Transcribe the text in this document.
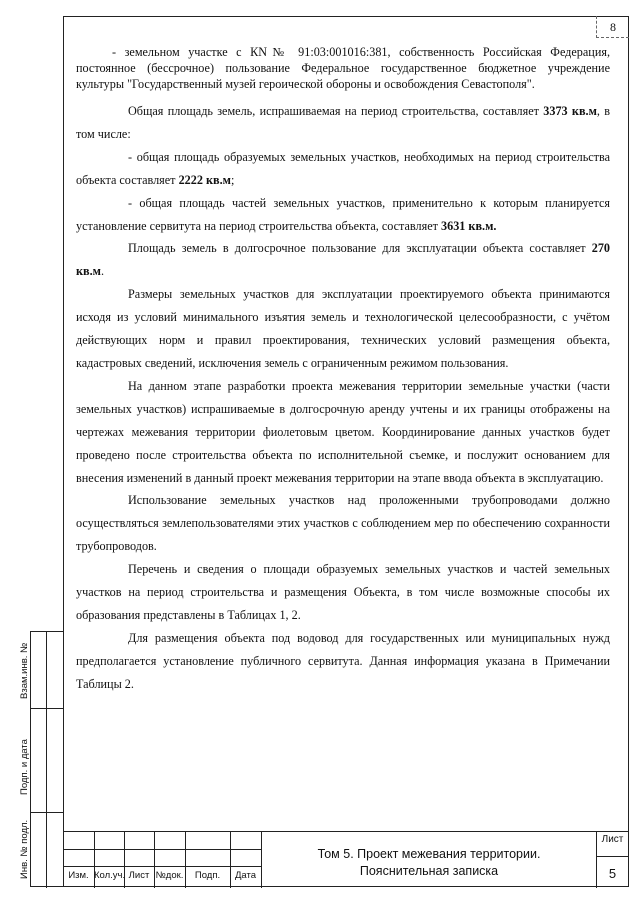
8

- земельном участке с КN№ 91:03:001016:381, собственность Российская Федерация, постоянное (бессрочное) пользование Федеральное государственное бюджетное учреждение культуры "Государственный музей героической обороны и освобождения Севастополя".

Общая площадь земель, испрашиваемая на период строительства, составляет 3373 кв.м, в том числе:

- общая площадь образуемых земельных участков, необходимых на период строительства объекта составляет 2222 кв.м;

- общая площадь частей земельных участков, применительно к которым планируется установление сервитута на период строительства объекта, составляет 3631 кв.м.

Площадь земель в долгосрочное пользование для эксплуатации объекта составляет 270 кв.м.

Размеры земельных участков для эксплуатации проектируемого объекта принимаются исходя из условий минимального изъятия земель и технологической целесообразности, с учётом действующих норм и правил проектирования, технических условий размещения объекта, кадастровых сведений, исключения земель с ограниченным режимом пользования.

На данном этапе разработки проекта межевания территории земельные участки (части земельных участков) испрашиваемые в долгосрочную аренду учтены и их границы отображены на чертежах межевания территории фиолетовым цветом. Координирование данных участков будет проведено после строительства объекта по исполнительной съемке, и послужит основанием для внесения изменений в данный проект межевания территории на этапе ввода объекта в эксплуатацию.

Использование земельных участков над проложенными трубопроводами должно осуществляться землепользователями этих участков с соблюдением мер по обеспечению сохранности трубопроводов.

Перечень и сведения о площади образуемых земельных участков и частей земельных участков на период строительства и размещения Объекта, в том числе возможные способы их образования представлены в Таблицах 1, 2.

Для размещения объекта под водовод для государственных или муниципальных нужд предполагается установление публичного сервитута. Данная информация указана в Примечании Таблицы 2.

Взам.инв. №
Подп. и дата
Инв. № подл.	Изм. Кол.уч. Лист №док.	Подп.	Дата
Том 5. Проект межевания территории.
Пояснительная записка
Лист
5
